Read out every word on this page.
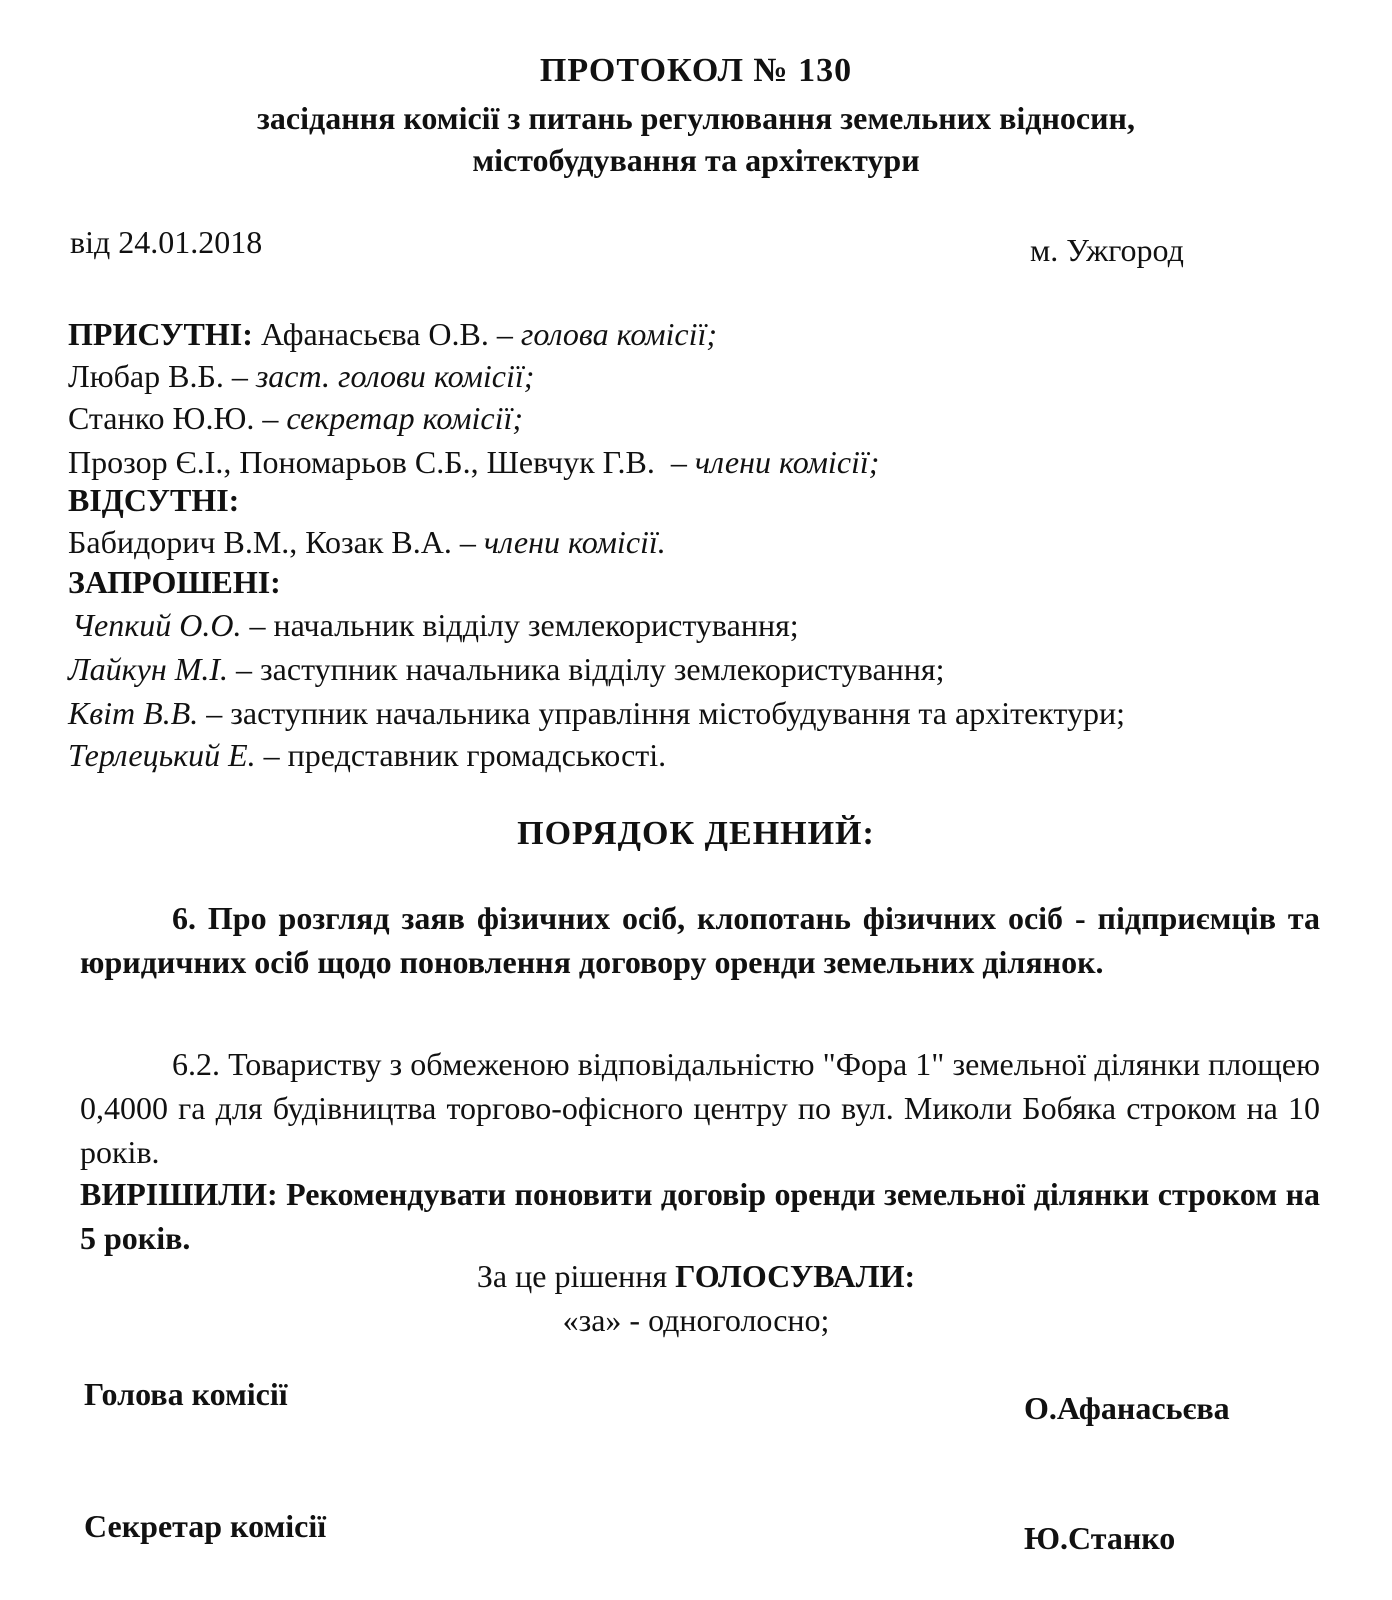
ПРОТОКОЛ № 130
засідання комісії з питань регулювання земельних відносин,
містобудування та архітектури
від 24.01.2018	м. Ужгород
ПРИСУТНІ: Афанасьєва О.В. – голова комісії;
Любар В.Б. – заст. голови комісії;
Станко Ю.Ю. – секретар комісії;
Прозор Є.І., Пономарьов С.Б., Шевчук Г.В. – члени комісії;
ВІДСУТНІ:
Бабидорич В.М., Козак В.А. – члени комісії.
ЗАПРОШЕНІ:
Чепкий О.О. – начальник відділу землекористування;
Лайкун М.І. – заступник начальника відділу землекористування;
Квіт В.В. – заступник начальника управління містобудування та архітектури;
Терлецький Е. – представник громадськості.
ПОРЯДОК ДЕННИЙ:
6. Про розгляд заяв фізичних осіб, клопотань фізичних осіб - підприємців та юридичних осіб щодо поновлення договору оренди земельних ділянок.
6.2. Товариству з обмеженою відповідальністю "Фора 1" земельної ділянки площею 0,4000 га для будівництва торгово-офісного центру по вул. Миколи Бобяка строком на 10 років.
ВИРІШИЛИ: Рекомендувати поновити договір оренди земельної ділянки строком на 5 років.
За це рішення ГОЛОСУВАЛИ:
«за» - одноголосно;
Голова комісії	О.Афанасьєва
Секретар комісії	Ю.Станко
